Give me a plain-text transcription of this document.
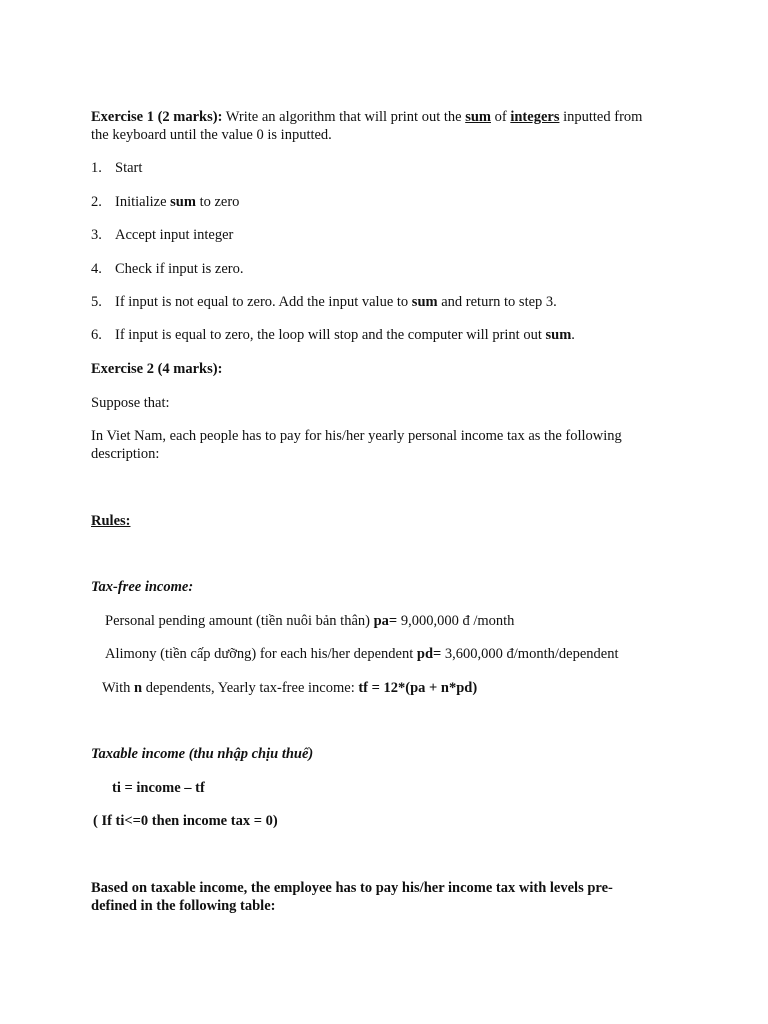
Exercise 1 (2 marks): Write an algorithm that will print out the sum of integers inputted from
the keyboard until the value 0 is inputted.
1. Start
2. Initialize sum to zero
3. Accept input integer
4. Check if input is zero.
5. If input is not equal to zero. Add the input value to sum and return to step 3.
6. If input is equal to zero, the loop will stop and the computer will print out sum.
Exercise 2 (4 marks):
Suppose that:
In Viet Nam, each people has to pay for his/her yearly personal income tax as the following
description:
Rules:
Tax-free income:
Personal pending amount (tiền nuôi bản thân) pa= 9,000,000 đ /month
Alimony (tiền cấp dưỡng) for each his/her dependent pd= 3,600,000 đ/month/dependent
With n dependents, Yearly tax-free income: tf = 12*(pa + n*pd)
Taxable income (thu nhập chịu thuế)
ti = income – tf
( If ti<=0 then income tax = 0)
Based on taxable income, the employee has to pay his/her income tax with levels pre-
defined in the following table:
